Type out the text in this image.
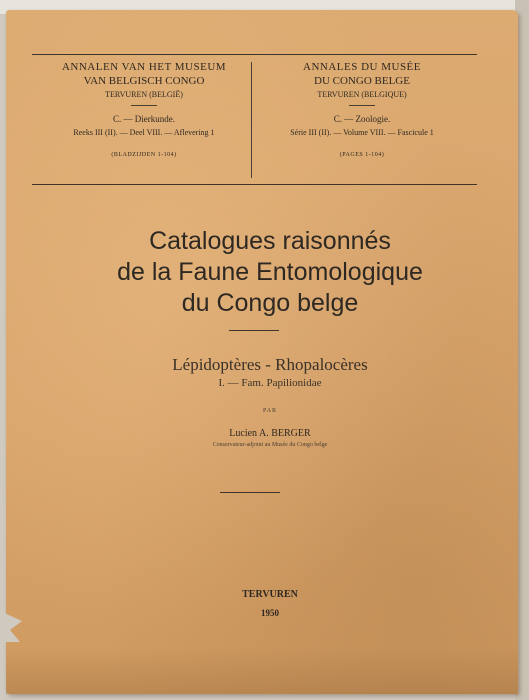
ANNALEN VAN HET MUSEUM
VAN BELGISCH CONGO
TERVUREN (BELGIË)
C. — Dierkunde.
Reeks III (II). — Deel VIII. — Aflevering 1
(BLADZIJDEN 1-104)
ANNALES DU MUSÉE
DU CONGO BELGE
TERVUREN (BELGIQUE)
C. — Zoologie.
Série III (II). — Volume VIII. — Fascicule 1
(PAGES 1-104)
Catalogues raisonnés
de la Faune Entomologique
du Congo belge
Lépidoptères - Rhopalocères
I. — Fam. Papilionidae
PAR
Lucien A. BERGER
Conservateur-adjoint au Musée du Congo belge
TERVUREN
1950
